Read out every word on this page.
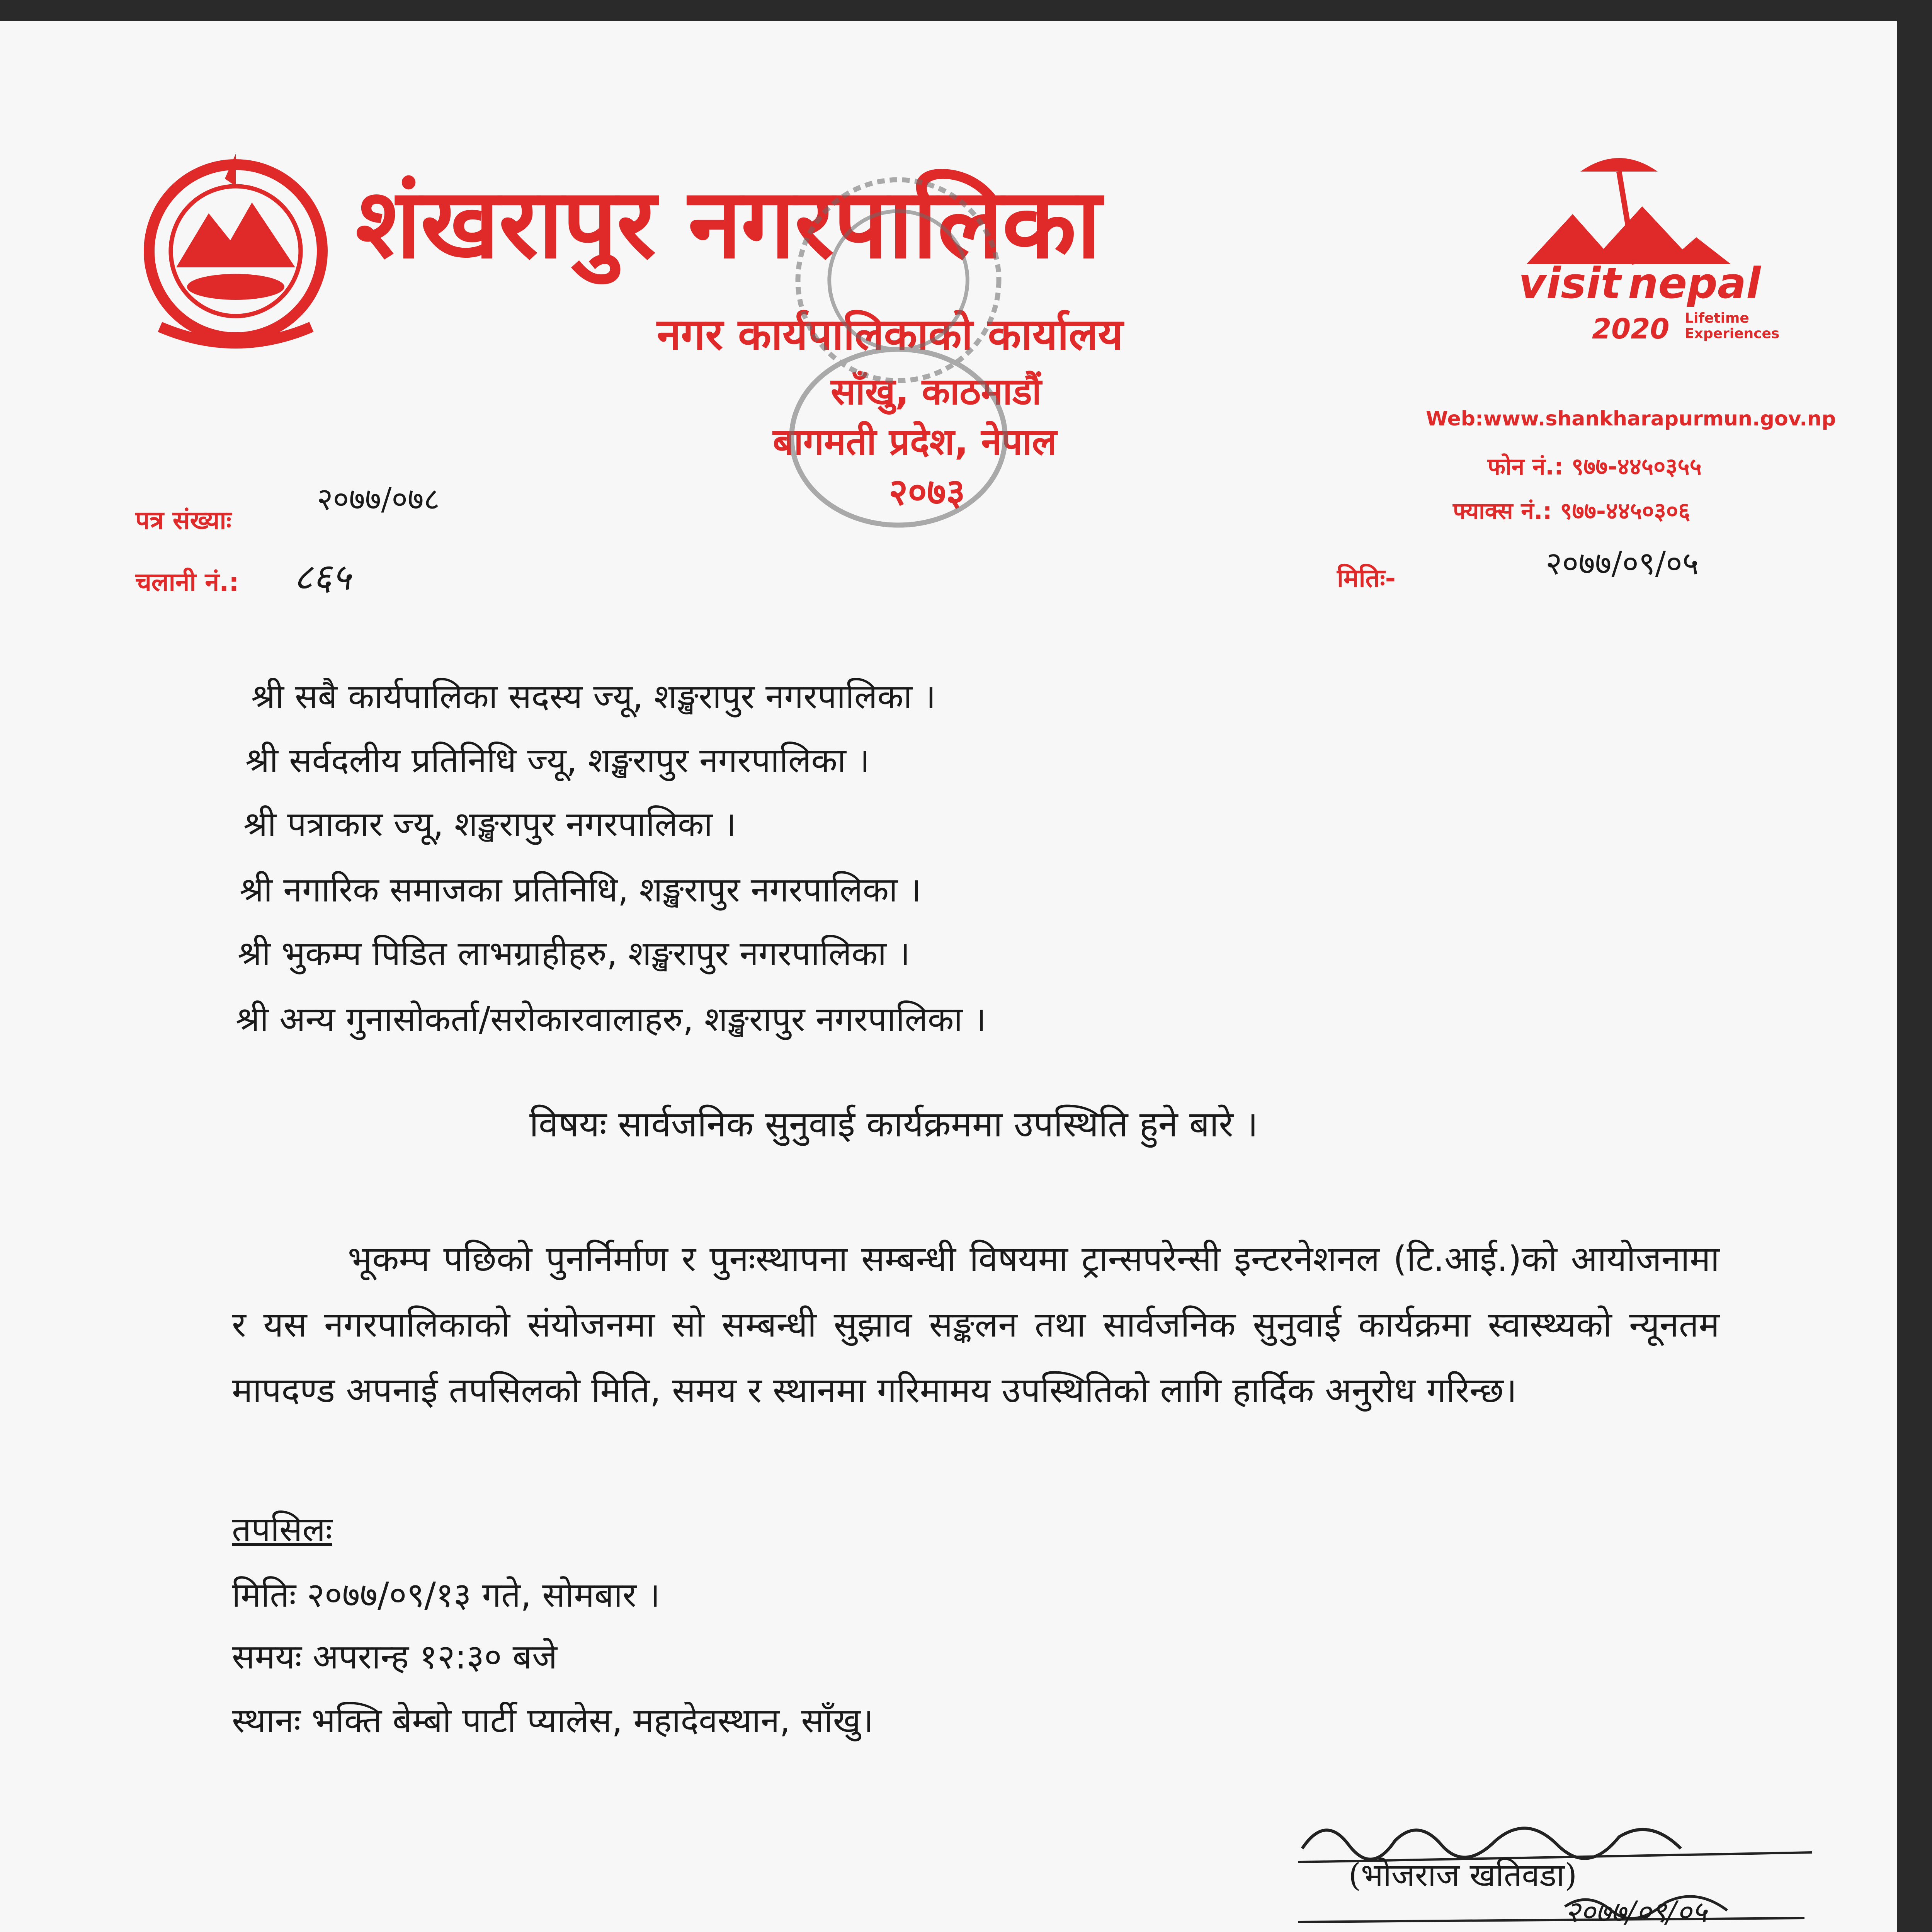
शंखरापुर नगरपालिका
नगर कार्यपालिकाको कार्यालय
साँखु, काठमाडौं
बागमती प्रदेश, नेपाल
२०७३
visit nepal
2020 Lifetime
Experiences
Web:www.shankharapurmun.gov.np
फोन नं.: ९७७-४४५०३५५
फ्याक्स नं.: ९७७-४४५०३०६
पत्र संख्याः
२०७७/०७८
चलानी नं.: ८६५	मितिः-	२०७७/०९/०५
श्री सबै कार्यपालिका सदस्य ज्यू, शङ्खरापुर नगरपालिका ।
श्री सर्वदलीय प्रतिनिधि ज्यू, शङ्खरापुर नगरपालिका ।
श्री पत्राकार ज्यू, शङ्खरापुर नगरपालिका ।
श्री नगारिक समाजका प्रतिनिधि, शङ्खरापुर नगरपालिका ।
श्री भुकम्प पिडित लाभग्राहीहरु, शङ्खरापुर नगरपालिका ।
श्री अन्य गुनासोकर्ता/सरोकारवालाहरु, शङ्खरापुर नगरपालिका ।
विषयः सार्वजनिक सुनुवाई कार्यक्रममा उपस्थिति हुने बारे ।
भूकम्प पछिको पुनर्निर्माण र पुनःस्थापना सम्बन्धी विषयमा ट्रान्सपरेन्सी इन्टरनेशनल (टि.आई.)को आयोजनामा र यस नगरपालिकाको संयोजनमा सो सम्बन्धी सुझाव सङ्कलन तथा सार्वजनिक सुनुवाई कार्यक्रमा स्वास्थ्यको न्यूनतम मापदण्ड अपनाई तपसिलको मिति, समय र स्थानमा गरिमामय उपस्थितिको लागि हार्दिक अनुरोध गरिन्छ।
तपसिलः
मितिः २०७७/०९/१३ गते, सोमबार ।
समयः अपरान्ह १२:३० बजे
स्थानः भक्ति बेम्बो पार्टी प्यालेस, महादेवस्थान, साँखु।
(भोजराज खतिवडा)
२०७७/०९/०५
